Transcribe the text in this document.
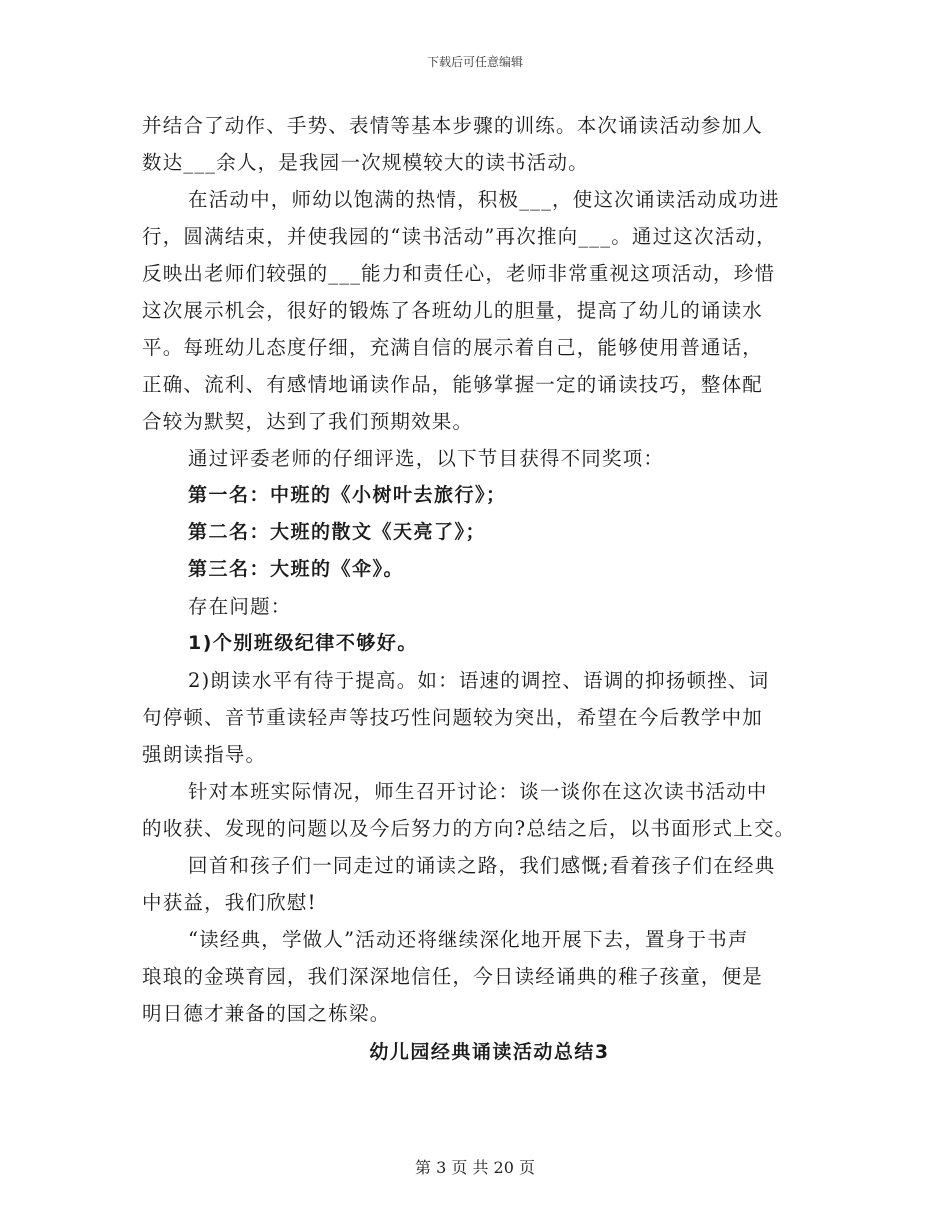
下载后可任意编辑
并结合了动作、手势、表情等基本步骤的训练。本次诵读活动参加人
数达___余人，是我园一次规模较大的读书活动。
在活动中，师幼以饱满的热情，积极___，使这次诵读活动成功进
行，圆满结束，并使我园的“读书活动”再次推向___。通过这次活动，
反映出老师们较强的___能力和责任心，老师非常重视这项活动，珍惜
这次展示机会，很好的锻炼了各班幼儿的胆量，提高了幼儿的诵读水
平。每班幼儿态度仔细，充满自信的展示着自己，能够使用普通话，
正确、流利、有感情地诵读作品，能够掌握一定的诵读技巧，整体配
合较为默契，达到了我们预期效果。
通过评委老师的仔细评选，以下节目获得不同奖项：
第一名：中班的《小树叶去旅行》；
第二名：大班的散文《天亮了》；
第三名：大班的《伞》。
存在问题：
1)个别班级纪律不够好。
2)朗读水平有待于提高。如：语速的调控、语调的抑扬顿挫、词
句停顿、音节重读轻声等技巧性问题较为突出，希望在今后教学中加
强朗读指导。
针对本班实际情况，师生召开讨论：谈一谈你在这次读书活动中
的收获、发现的问题以及今后努力的方向?总结之后，以书面形式上交。
回首和孩子们一同走过的诵读之路，我们感慨;看着孩子们在经典
中获益，我们欣慰!
“读经典，学做人”活动还将继续深化地开展下去，置身于书声
琅琅的金瑛育园，我们深深地信任，今日读经诵典的稚子孩童，便是
明日德才兼备的国之栋梁。
幼儿园经典诵读活动总结3
第 3 页 共 20 页
